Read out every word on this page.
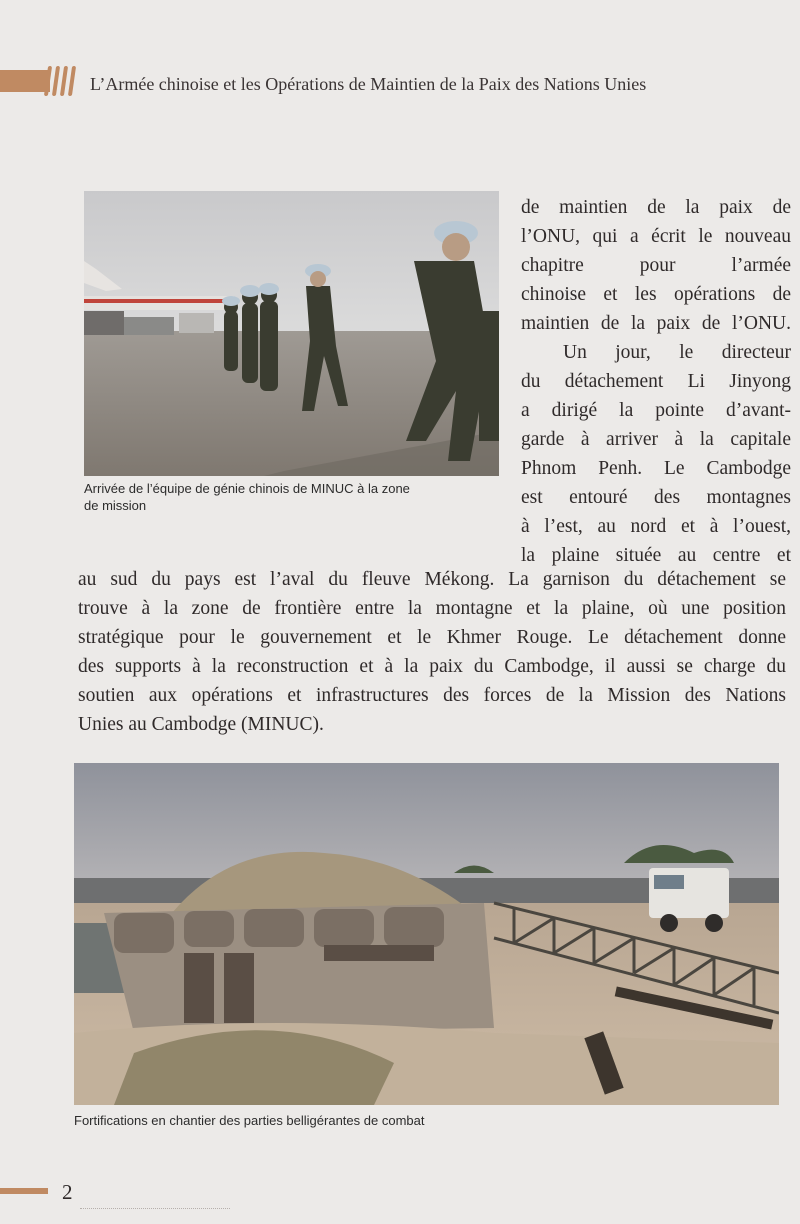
L’Armée chinoise et les Opérations de Maintien de la Paix des Nations Unies
Arrivée de l’équipe de génie chinois de MINUC à la zone
de mission
de maintien de la paix de
l’ONU, qui a écrit le nouveau
chapitre pour l’armée
chinoise et les opérations de
maintien de la paix de l’ONU.
Un jour, le directeur
du détachement Li Jinyong
a dirigé la pointe d’avant-
garde à arriver à la capitale
Phnom Penh. Le Cambodge
est entouré des montagnes
à l’est, au nord et à l’ouest,
la plaine située au centre et
au sud du pays est l’aval du fleuve Mékong. La garnison du détachement se
trouve à la zone de frontière entre la montagne et la plaine, où une position
stratégique pour le gouvernement et le Khmer Rouge. Le détachement donne
des supports à la reconstruction et à la paix du Cambodge, il aussi se charge du
soutien aux opérations et infrastructures des forces de la Mission des Nations
Unies au Cambodge (MINUC).
Fortifications en chantier des parties belligérantes de combat
2
